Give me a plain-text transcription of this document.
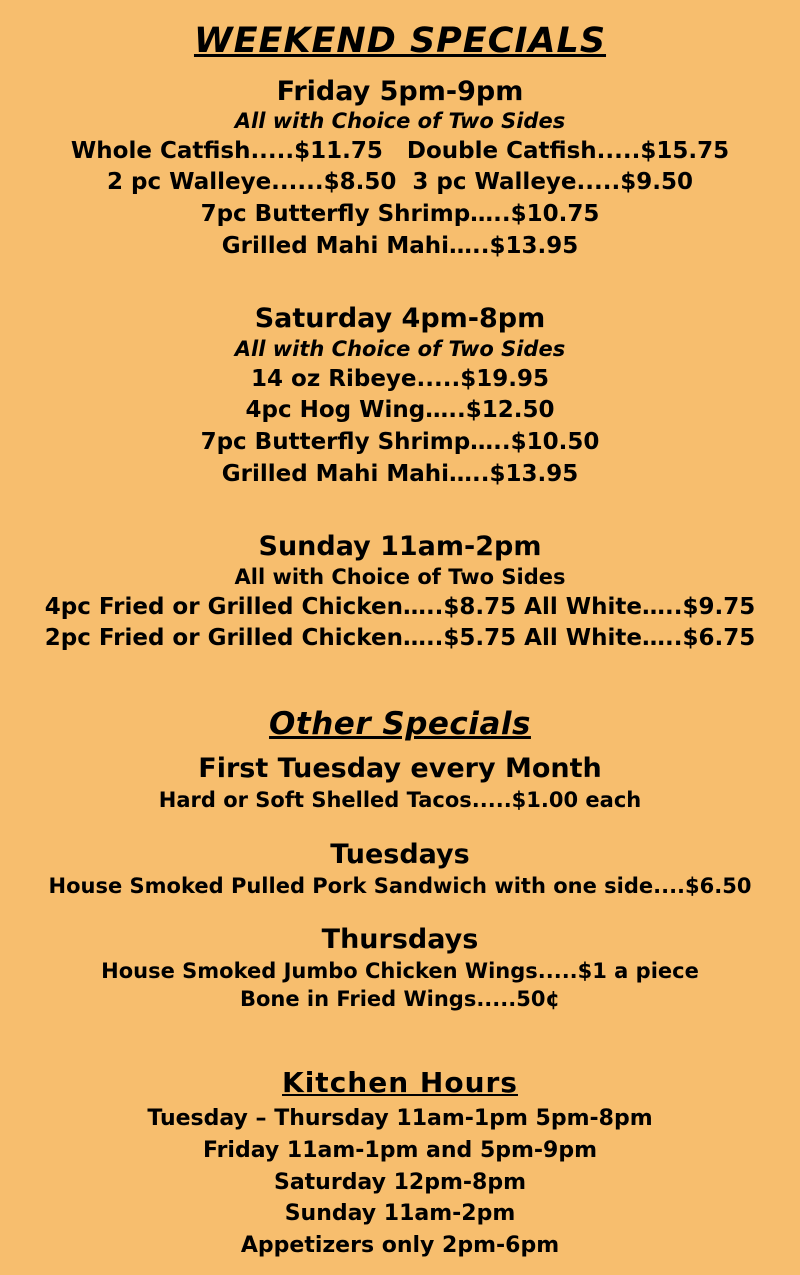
WEEKEND SPECIALS
Friday 5pm-9pm
All with Choice of Two Sides
Whole Catfish.....$11.75   Double Catfish.....$15.75
2 pc Walleye......$8.50  3 pc Walleye.....$9.50
7pc Butterfly Shrimp…..$10.75
Grilled Mahi Mahi…..$13.95
Saturday 4pm-8pm
All with Choice of Two Sides
14 oz Ribeye.....$19.95
4pc Hog Wing…..$12.50
7pc Butterfly Shrimp…..$10.50
Grilled Mahi Mahi…..$13.95
Sunday 11am-2pm
All with Choice of Two Sides
4pc Fried or Grilled Chicken…..$8.75 All White…..$9.75
2pc Fried or Grilled Chicken…..$5.75 All White…..$6.75
Other Specials
First Tuesday every Month
Hard or Soft Shelled Tacos.....$1.00 each
Tuesdays
House Smoked Pulled Pork Sandwich with one side....$6.50
Thursdays
House Smoked Jumbo Chicken Wings.....$1 a piece
Bone in Fried Wings.....50¢
Kitchen Hours
Tuesday – Thursday 11am-1pm 5pm-8pm
Friday 11am-1pm and 5pm-9pm
Saturday 12pm-8pm
Sunday 11am-2pm
Appetizers only 2pm-6pm
